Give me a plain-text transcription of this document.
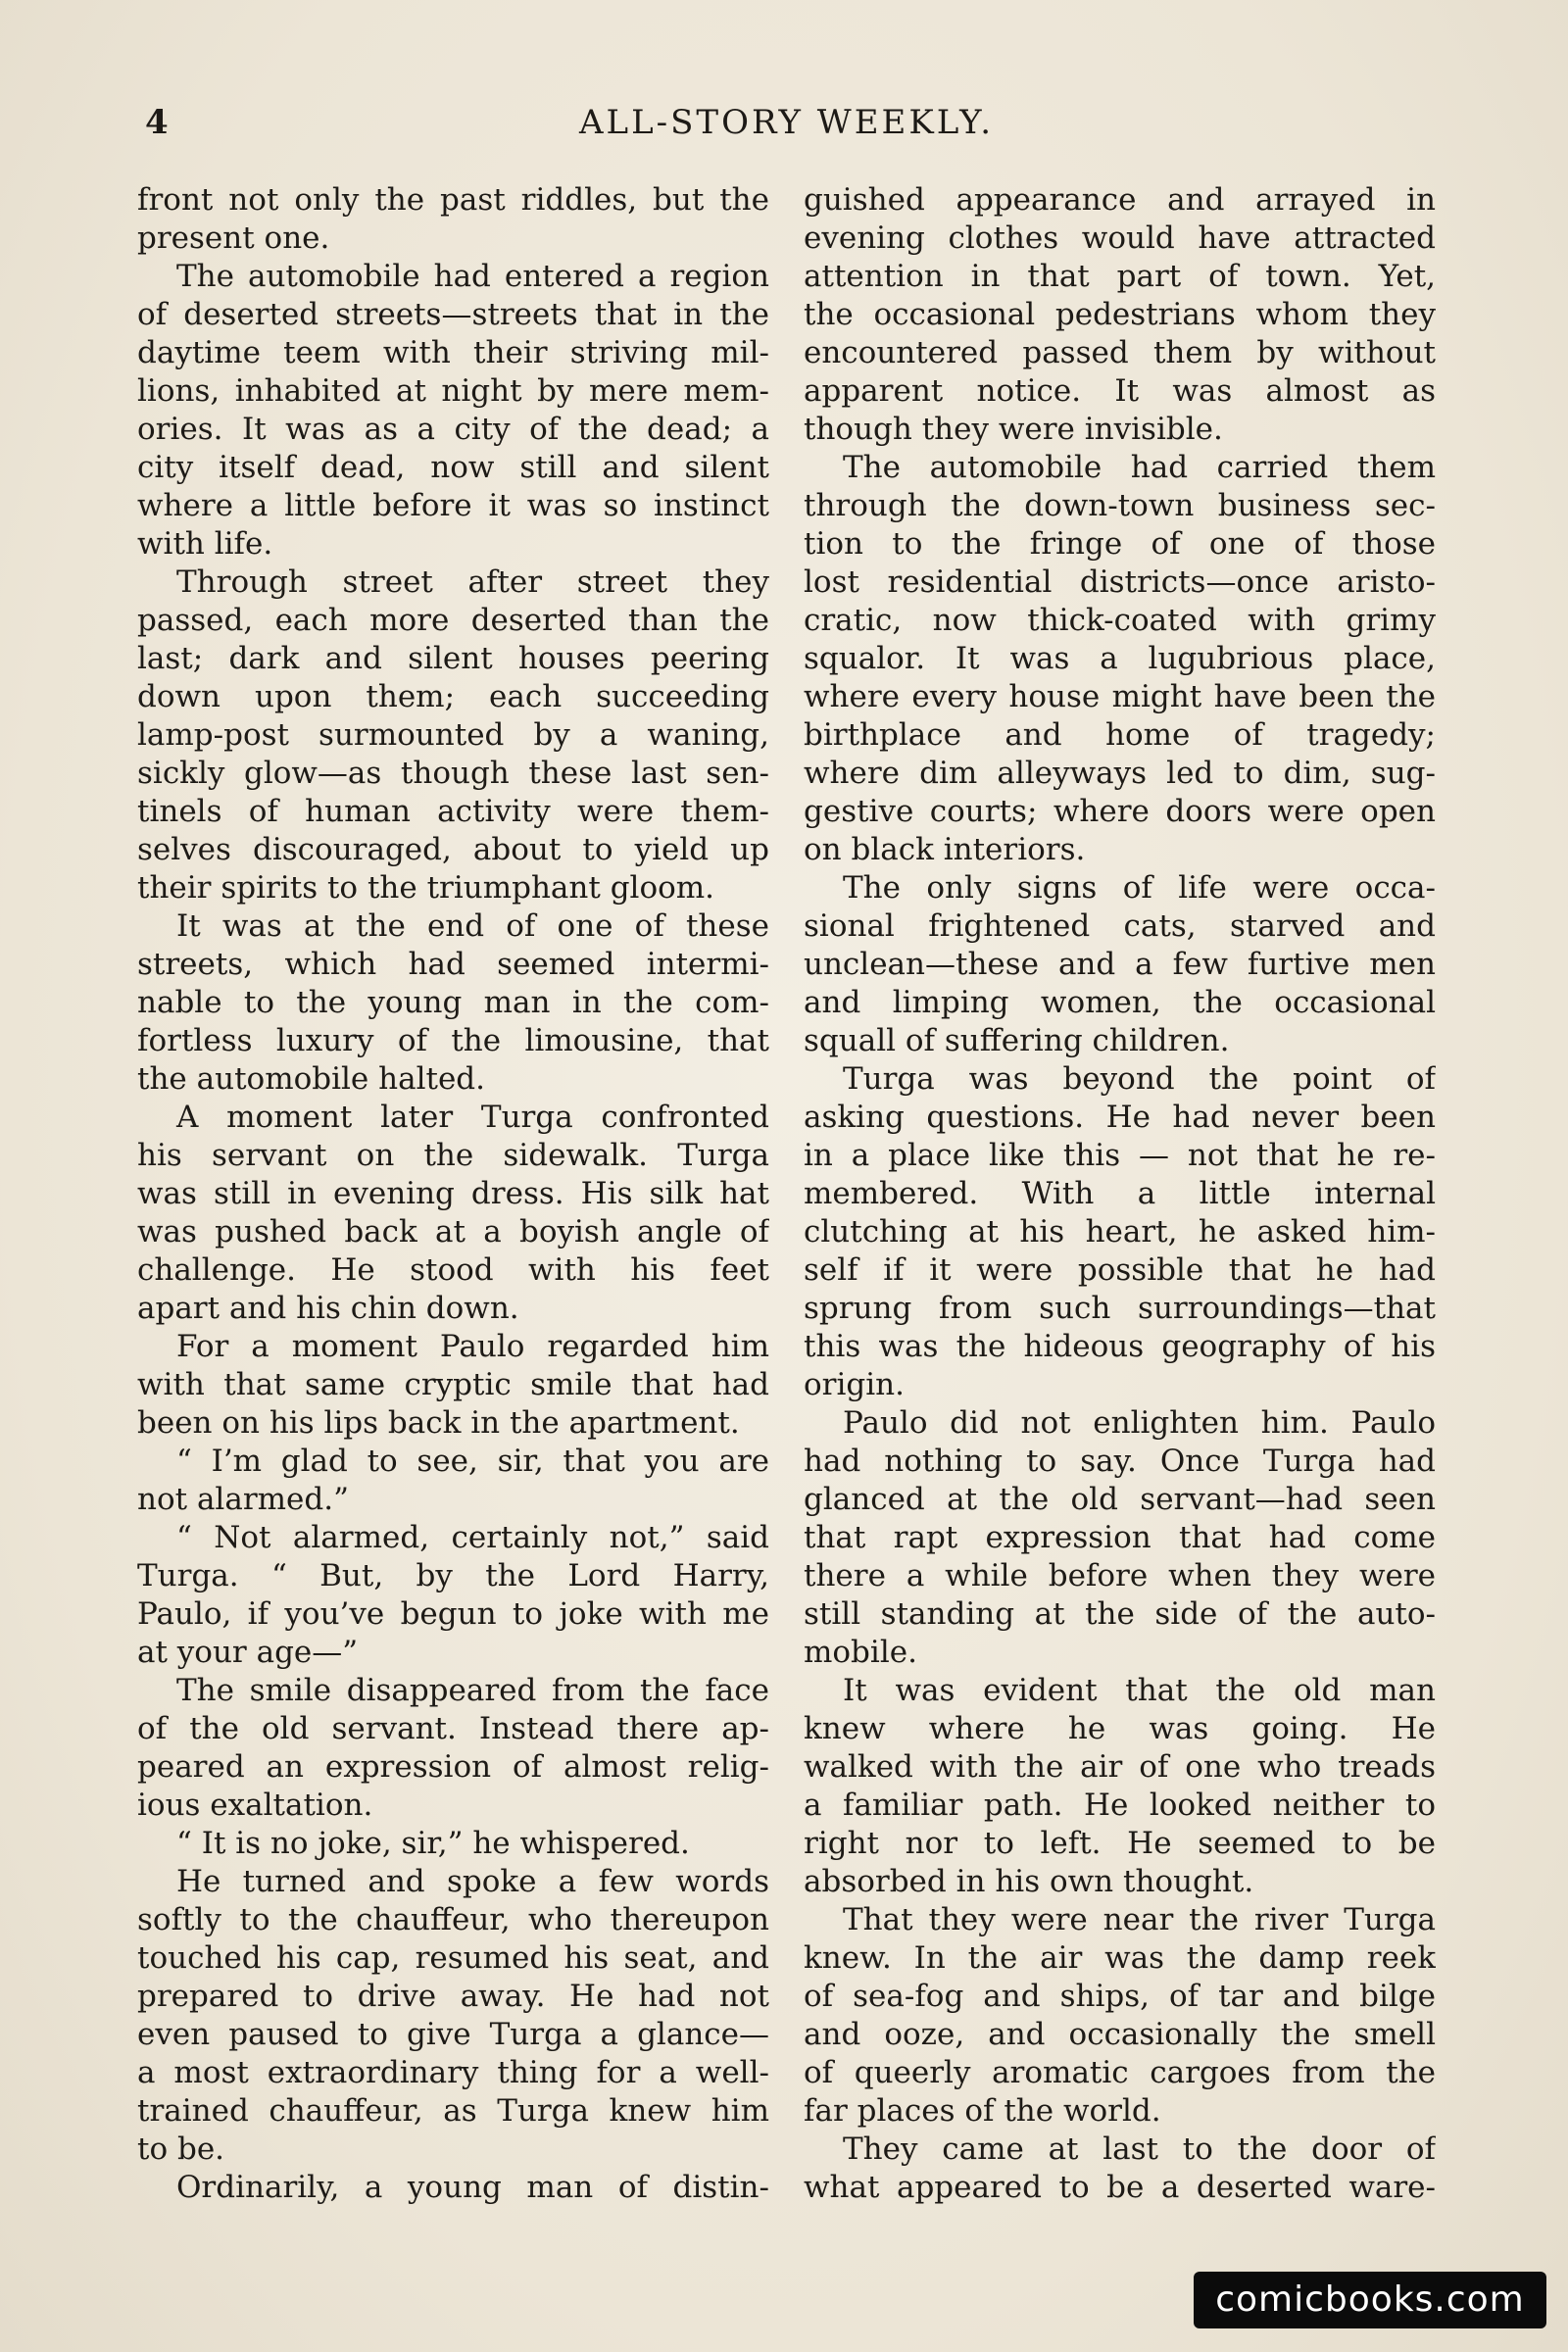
4	ALL-STORY WEEKLY.
front not only the past riddles, but the
present one.
The automobile had entered a region
of deserted streets—streets that in the
daytime teem with their striving mil-
lions, inhabited at night by mere mem-
ories. It was as a city of the dead; a
city itself dead, now still and silent
where a little before it was so instinct
with life.
Through street after street they
passed, each more deserted than the
last; dark and silent houses peering
down upon them; each succeeding
lamp-post surmounted by a waning,
sickly glow—as though these last sen-
tinels of human activity were them-
selves discouraged, about to yield up
their spirits to the triumphant gloom.
It was at the end of one of these
streets, which had seemed intermi-
nable to the young man in the com-
fortless luxury of the limousine, that
the automobile halted.
A moment later Turga confronted
his servant on the sidewalk. Turga
was still in evening dress. His silk hat
was pushed back at a boyish angle of
challenge. He stood with his feet
apart and his chin down.
For a moment Paulo regarded him
with that same cryptic smile that had
been on his lips back in the apartment.
“ I’m glad to see, sir, that you are
not alarmed.”
“ Not alarmed, certainly not,” said
Turga. “ But, by the Lord Harry,
Paulo, if you’ve begun to joke with me
at your age—”
The smile disappeared from the face
of the old servant. Instead there ap-
peared an expression of almost relig-
ious exaltation.
“ It is no joke, sir,” he whispered.
He turned and spoke a few words
softly to the chauffeur, who thereupon
touched his cap, resumed his seat, and
prepared to drive away. He had not
even paused to give Turga a glance—
a most extraordinary thing for a well-
trained chauffeur, as Turga knew him
to be.
Ordinarily, a young man of distin-
guished appearance and arrayed in
evening clothes would have attracted
attention in that part of town. Yet,
the occasional pedestrians whom they
encountered passed them by without
apparent notice. It was almost as
though they were invisible.
The automobile had carried them
through the down-town business sec-
tion to the fringe of one of those
lost residential districts—once aristo-
cratic, now thick-coated with grimy
squalor. It was a lugubrious place,
where every house might have been the
birthplace and home of tragedy;
where dim alleyways led to dim, sug-
gestive courts; where doors were open
on black interiors.
The only signs of life were occa-
sional frightened cats, starved and
unclean—these and a few furtive men
and limping women, the occasional
squall of suffering children.
Turga was beyond the point of
asking questions. He had never been
in a place like this — not that he re-
membered. With a little internal
clutching at his heart, he asked him-
self if it were possible that he had
sprung from such surroundings—that
this was the hideous geography of his
origin.
Paulo did not enlighten him. Paulo
had nothing to say. Once Turga had
glanced at the old servant—had seen
that rapt expression that had come
there a while before when they were
still standing at the side of the auto-
mobile.
It was evident that the old man
knew where he was going. He
walked with the air of one who treads
a familiar path. He looked neither to
right nor to left. He seemed to be
absorbed in his own thought.
That they were near the river Turga
knew. In the air was the damp reek
of sea-fog and ships, of tar and bilge
and ooze, and occasionally the smell
of queerly aromatic cargoes from the
far places of the world.
They came at last to the door of
what appeared to be a deserted ware-
comicbooks.com
